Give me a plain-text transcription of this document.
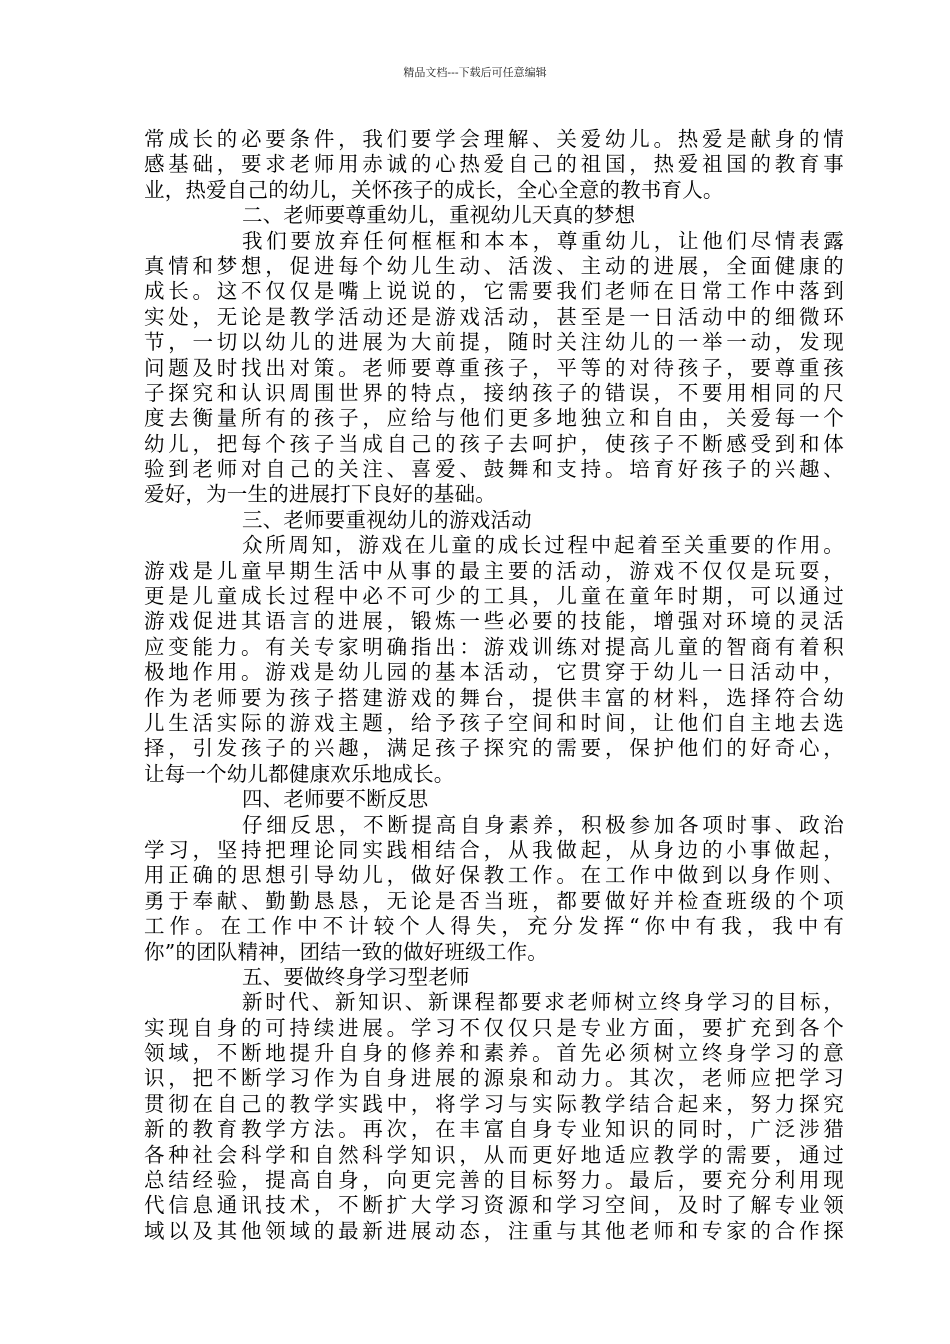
精品文档---下载后可任意编辑
常成长的必要条件，我们要学会理解、关爱幼儿。热爱是献身的情
感基础，要求老师用赤诚的心热爱自己的祖国，热爱祖国的教育事
业，热爱自己的幼儿，关怀孩子的成长，全心全意的教书育人。
二、老师要尊重幼儿，重视幼儿天真的梦想
我们要放弃任何框框和本本，尊重幼儿，让他们尽情表露
真情和梦想，促进每个幼儿生动、活泼、主动的进展，全面健康的
成长。这不仅仅是嘴上说说的，它需要我们老师在日常工作中落到
实处，无论是教学活动还是游戏活动，甚至是一日活动中的细微环
节，一切以幼儿的进展为大前提，随时关注幼儿的一举一动，发现
问题及时找出对策。老师要尊重孩子，平等的对待孩子，要尊重孩
子探究和认识周围世界的特点，接纳孩子的错误，不要用相同的尺
度去衡量所有的孩子，应给与他们更多地独立和自由，关爱每一个
幼儿，把每个孩子当成自己的孩子去呵护，使孩子不断感受到和体
验到老师对自己的关注、喜爱、鼓舞和支持。培育好孩子的兴趣、
爱好，为一生的进展打下良好的基础。
三、老师要重视幼儿的游戏活动
众所周知，游戏在儿童的成长过程中起着至关重要的作用。
游戏是儿童早期生活中从事的最主要的活动，游戏不仅仅是玩耍，
更是儿童成长过程中必不可少的工具，儿童在童年时期，可以通过
游戏促进其语言的进展，锻炼一些必要的技能，增强对环境的灵活
应变能力。有关专家明确指出：游戏训练对提高儿童的智商有着积
极地作用。游戏是幼儿园的基本活动，它贯穿于幼儿一日活动中，
作为老师要为孩子搭建游戏的舞台，提供丰富的材料，选择符合幼
儿生活实际的游戏主题，给予孩子空间和时间，让他们自主地去选
择，引发孩子的兴趣，满足孩子探究的需要，保护他们的好奇心，
让每一个幼儿都健康欢乐地成长。
四、老师要不断反思
仔细反思，不断提高自身素养，积极参加各项时事、政治
学习，坚持把理论同实践相结合，从我做起，从身边的小事做起，
用正确的思想引导幼儿，做好保教工作。在工作中做到以身作则、
勇于奉献、勤勤恳恳，无论是否当班，都要做好并检查班级的个项
工作。在工作中不计较个人得失，充分发挥“你中有我，我中有
你”的团队精神，团结一致的做好班级工作。
五、要做终身学习型老师
新时代、新知识、新课程都要求老师树立终身学习的目标，
实现自身的可持续进展。学习不仅仅只是专业方面，要扩充到各个
领域，不断地提升自身的修养和素养。首先必须树立终身学习的意
识，把不断学习作为自身进展的源泉和动力。其次，老师应把学习
贯彻在自己的教学实践中，将学习与实际教学结合起来，努力探究
新的教育教学方法。再次，在丰富自身专业知识的同时，广泛涉猎
各种社会科学和自然科学知识，从而更好地适应教学的需要，通过
总结经验，提高自身，向更完善的目标努力。最后，要充分利用现
代信息通讯技术，不断扩大学习资源和学习空间，及时了解专业领
域以及其他领域的最新进展动态，注重与其他老师和专家的合作探
